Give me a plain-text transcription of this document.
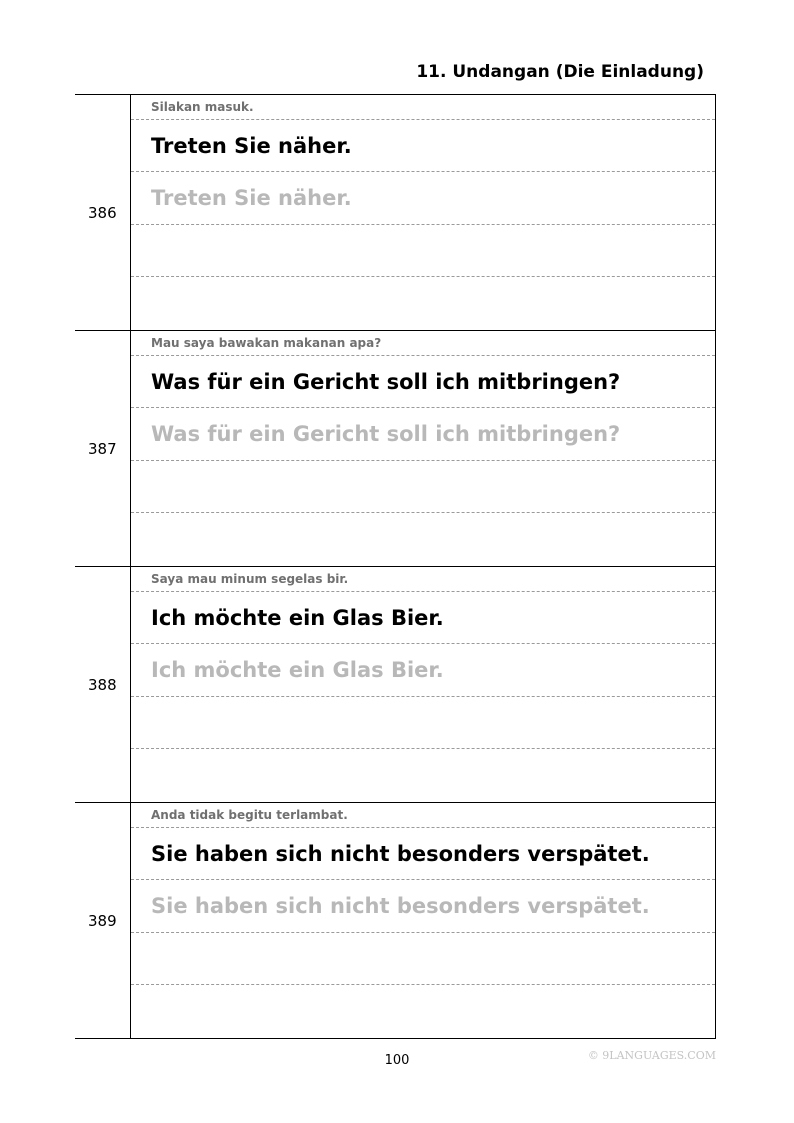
11. Undangan (Die Einladung)
386
Silakan masuk.
Treten Sie näher.
Treten Sie näher.
387
Mau saya bawakan makanan apa?
Was für ein Gericht soll ich mitbringen?
Was für ein Gericht soll ich mitbringen?
388
Saya mau minum segelas bir.
Ich möchte ein Glas Bier.
Ich möchte ein Glas Bier.
389
Anda tidak begitu terlambat.
Sie haben sich nicht besonders verspätet.
Sie haben sich nicht besonders verspätet.
100	© 9LANGUAGES.COM
